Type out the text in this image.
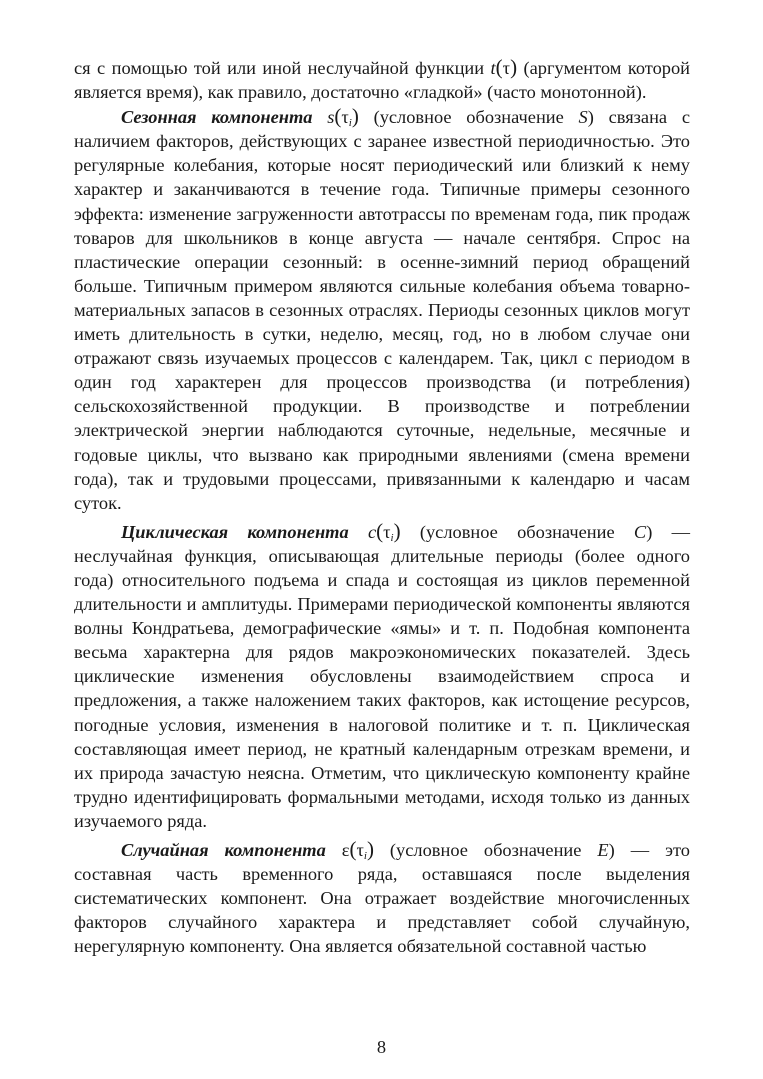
ся с помощью той или иной неслучайной функции t(τ) (аргументом которой является время), как правило, достаточно «гладкой» (часто монотонной).

Сезонная компонента $s(\tau_i)$ (условное обозначение S) связана с наличием факторов, действующих с заранее известной периодичностью. Это регулярные колебания, которые носят периодический или близкий к нему характер и заканчиваются в течение года. Типичные примеры сезонного эффекта: изменение загруженности автотрассы по временам года, пик продаж товаров для школьников в конце августа — начале сентября. Спрос на пластические операции сезонный: в осенне-зимний период обращений больше. Типичным примером являются сильные колебания объема товарно-материальных запасов в сезонных отраслях. Периоды сезонных циклов могут иметь длительность в сутки, неделю, месяц, год, но в любом случае они отражают связь изучаемых процессов с календарем. Так, цикл с периодом в один год характерен для процессов производства (и потребления) сельскохозяйственной продукции. В производстве и потреблении электрической энергии наблюдаются суточные, недельные, месячные и годовые циклы, что вызвано как природными явлениями (смена времени года), так и трудовыми процессами, привязанными к календарю и часам суток.

Циклическая компонента $c(\tau_i)$ (условное обозначение C) — неслучайная функция, описывающая длительные периоды (более одного года) относительного подъема и спада и состоящая из циклов переменной длительности и амплитуды. Примерами периодической компоненты являются волны Кондратьева, демографические «ямы» и т. п. Подобная компонента весьма характерна для рядов макроэкономических показателей. Здесь циклические изменения обусловлены взаимодействием спроса и предложения, а также наложением таких факторов, как истощение ресурсов, погодные условия, изменения в налоговой политике и т. п. Циклическая составляющая имеет период, не кратный календарным отрезкам времени, и их природа зачастую неясна. Отметим, что циклическую компоненту крайне трудно идентифицировать формальными методами, исходя только из данных изучаемого ряда.

Случайная компонента $\varepsilon(\tau_i)$ (условное обозначение E) — это составная часть временного ряда, оставшаяся после выделения систематических компонент. Она отражает воздействие многочисленных факторов случайного характера и представляет собой случайную, нерегулярную компоненту. Она является обязательной составной частью

8
